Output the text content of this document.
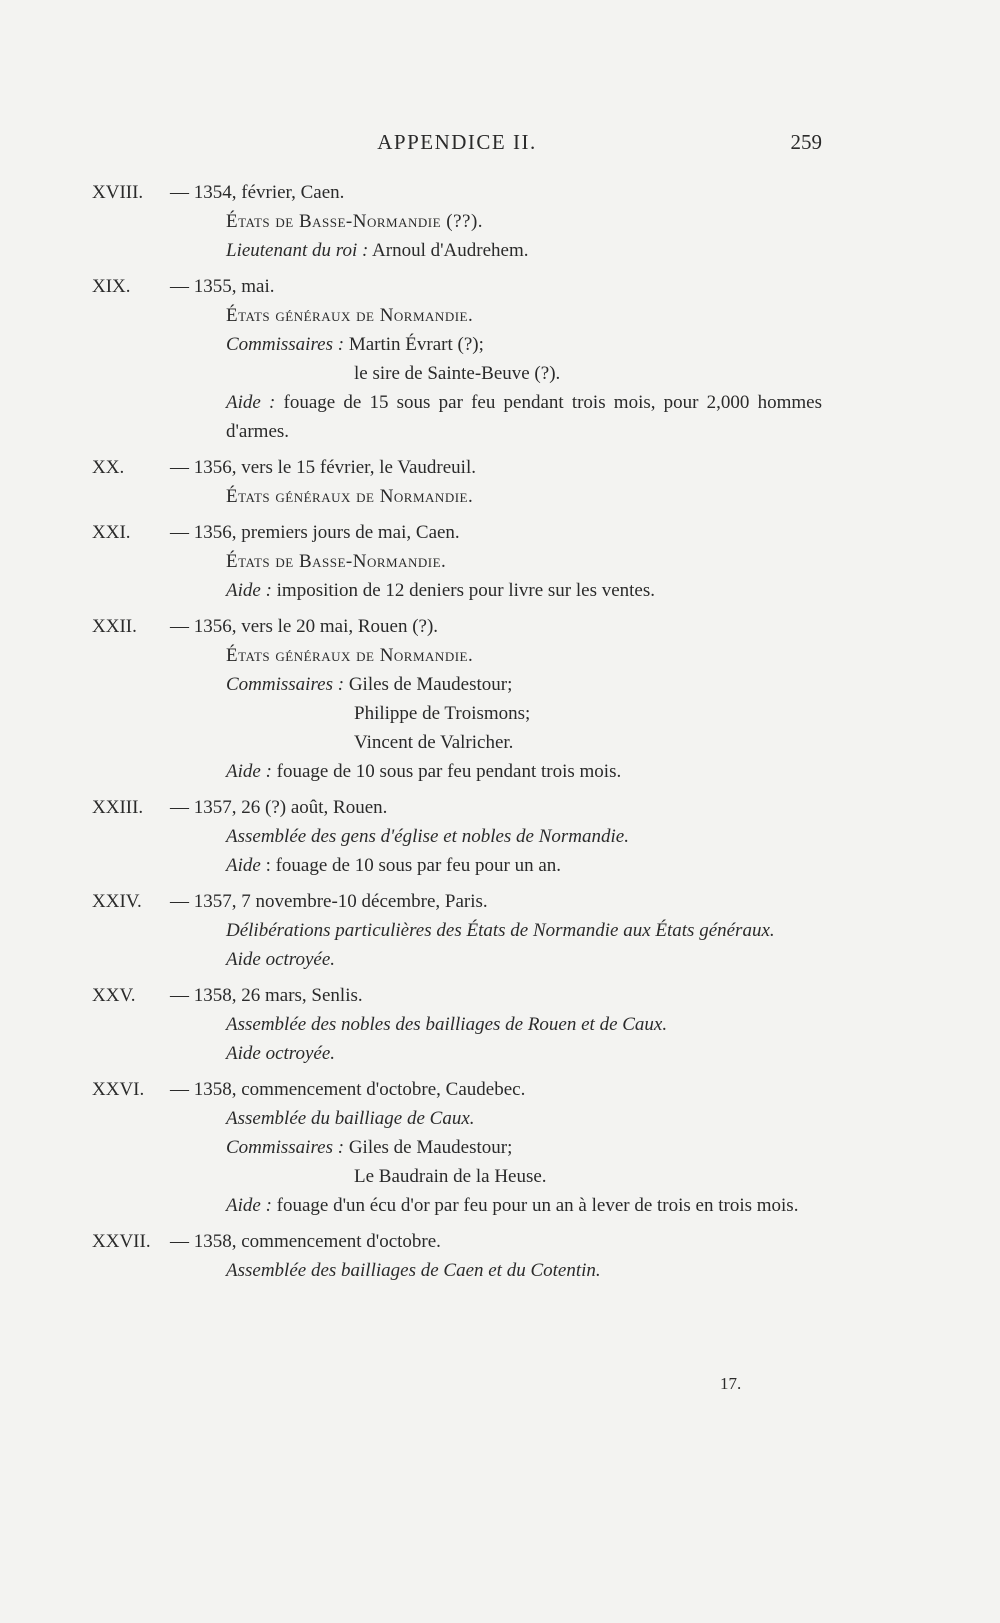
APPENDICE II.	259
XVIII. — 1354, février, Caen.
États de Basse-Normandie (??).
Lieutenant du roi : Arnoul d'Audrehem.
XIX. — 1355, mai.
États généraux de Normandie.
Commissaires : Martin Évrart (?);
le sire de Sainte-Beuve (?).
Aide : fouage de 15 sous par feu pendant trois mois, pour 2,000 hommes d'armes.
XX. — 1356, vers le 15 février, le Vaudreuil.
États généraux de Normandie.
XXI. — 1356, premiers jours de mai, Caen.
États de Basse-Normandie.
Aide : imposition de 12 deniers pour livre sur les ventes.
XXII. — 1356, vers le 20 mai, Rouen (?).
États généraux de Normandie.
Commissaires : Giles de Maudestour;
Philippe de Troismons;
Vincent de Valricher.
Aide : fouage de 10 sous par feu pendant trois mois.
XXIII. — 1357, 26 (?) août, Rouen.
Assemblée des gens d'église et nobles de Normandie.
Aide : fouage de 10 sous par feu pour un an.
XXIV. — 1357, 7 novembre-10 décembre, Paris.
Délibérations particulières des États de Normandie aux États généraux.
Aide octroyée.
XXV. — 1358, 26 mars, Senlis.
Assemblée des nobles des bailliages de Rouen et de Caux.
Aide octroyée.
XXVI. — 1358, commencement d'octobre, Caudebec.
Assemblée du bailliage de Caux.
Commissaires : Giles de Maudestour;
Le Baudrain de la Heuse.
Aide : fouage d'un écu d'or par feu pour un an à lever de trois en trois mois.
XXVII. — 1358, commencement d'octobre.
Assemblée des bailliages de Caen et du Cotentin.
17.
